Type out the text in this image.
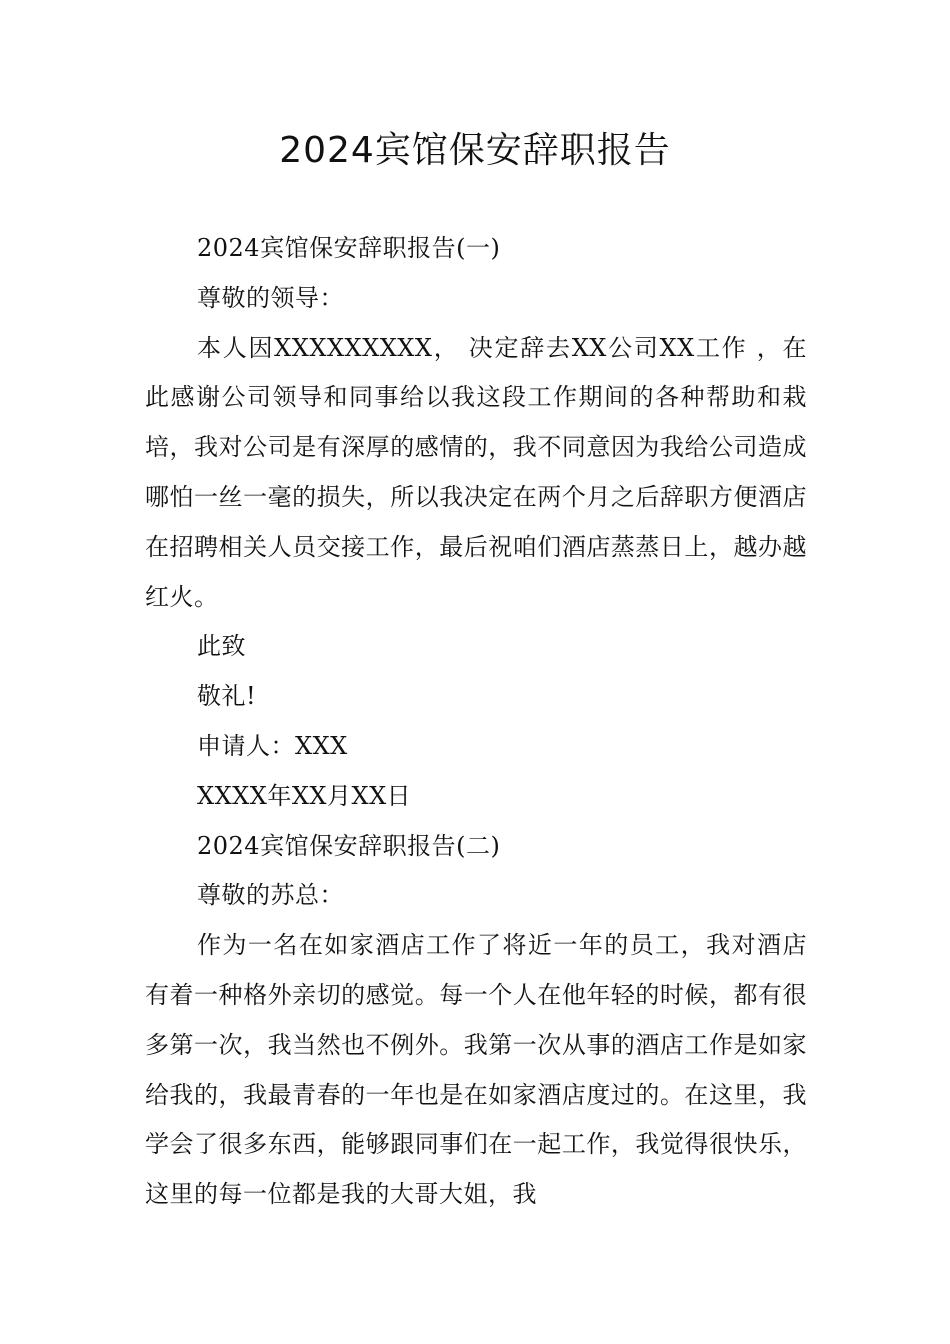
2024宾馆保安辞职报告

2024宾馆保安辞职报告(一)

尊敬的领导：

本人因XXXXXXXXX， 决定辞去XX公司XX工作 ，在此感谢公司领导和同事给以我这段工作期间的各种帮助和栽培，我对公司是有深厚的感情的，我不同意因为我给公司造成哪怕一丝一毫的损失，所以我决定在两个月之后辞职方便酒店在招聘相关人员交接工作，最后祝咱们酒店蒸蒸日上，越办越红火。

此致

敬礼!

申请人：XXX

XXXX年XX月XX日

2024宾馆保安辞职报告(二)

尊敬的苏总：

作为一名在如家酒店工作了将近一年的员工，我对酒店有着一种格外亲切的感觉。每一个人在他年轻的时候，都有很多第一次，我当然也不例外。我第一次从事的酒店工作是如家给我的，我最青春的一年也是在如家酒店度过的。在这里，我学会了很多东西，能够跟同事们在一起工作，我觉得很快乐，这里的每一位都是我的大哥大姐，我
